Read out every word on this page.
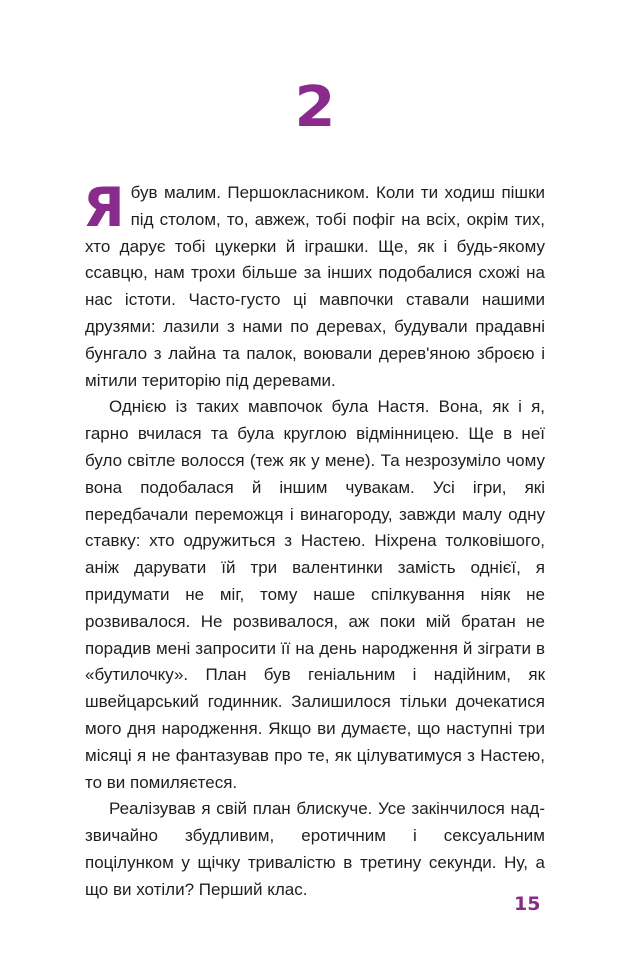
2

Ябув малим. Першокласником. Коли ти ходиш пішки під столом, то, авжеж, тобі пофіг на всіх, окрім тих, хто дарує тобі цукерки й іграшки. Ще, як і будь-якому ссавцю, нам трохи більше за інших подобалися схожі на нас істоти. Часто-густо ці мавпочки ставали нашими друзями: лазили з нами по деревах, будували прадавні бунгало з лайна та палок, воювали дерев'яною зброєю і мітили територію під деревами.

Однією із таких мавпочок була Настя. Вона, як і я, гарно вчилася та була круглою відмінницею. Ще в неї було світле волосся (теж як у мене). Та незрозуміло чому вона подобалася й іншим чувакам. Усі ігри, які передбачали переможця і винагороду, завжди малу одну ставку: хто одружиться з Настею. Ніхрена толковішого, аніж дарувати їй три валентинки замість однієї, я придумати не міг, тому наше спілкування ніяк не розвивалося. Не розвивалося, аж поки мій братан не порадив мені запросити її на день народження й зіграти в «бутилочку». План був геніальним і надійним, як швейцарський годинник. Залишилося тільки дочекатися мого дня народження. Якщо ви думаєте, що наступні три місяці я не фантазував про те, як цілуватимуся з Настею, то ви помиляєтеся.

Реалізував я свій план блискуче. Усе закінчилося надзвичайно збудливим, еротичним і сексуальним поцілунком у щічку тривалістю в третину секунди. Ну, а що ви хотіли? Перший клас.

15
